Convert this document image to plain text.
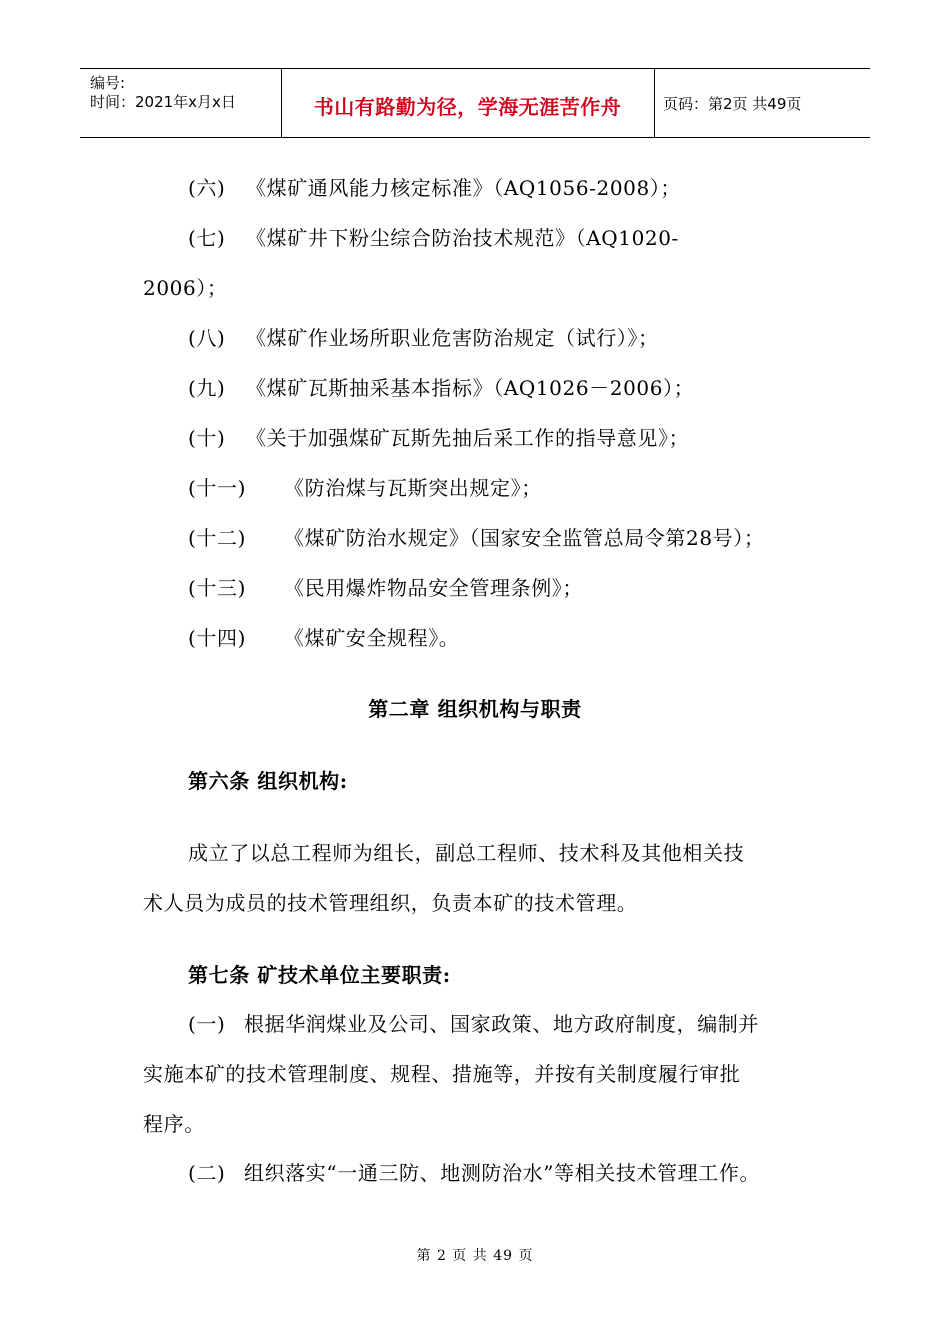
编号:
时间：2021年x月x日	书山有路勤为径，学海无涯苦作舟	页码：第2页 共49页
(六) 《煤矿通风能力核定标准》（AQ1056-2008）；
(七) 《煤矿井下粉尘综合防治技术规范》（AQ1020-
2006）；
(八) 《煤矿作业场所职业危害防治规定（试行）》；
(九) 《煤矿瓦斯抽采基本指标》（AQ1026－2006）；
(十) 《关于加强煤矿瓦斯先抽后采工作的指导意见》；
(十一) 《防治煤与瓦斯突出规定》；
(十二) 《煤矿防治水规定》（国家安全监管总局令第28号）；
(十三) 《民用爆炸物品安全管理条例》；
(十四) 《煤矿安全规程》。
第二章 组织机构与职责
第六条 组织机构:
成立了以总工程师为组长，副总工程师、技术科及其他相关技
术人员为成员的技术管理组织，负责本矿的技术管理。
第七条 矿技术单位主要职责:
(一) 根据华润煤业及公司、国家政策、地方政府制度，编制并
实施本矿的技术管理制度、规程、措施等，并按有关制度履行审批
程序。
(二) 组织落实“一通三防、地测防治水”等相关技术管理工作。
第 2 页 共 49 页
